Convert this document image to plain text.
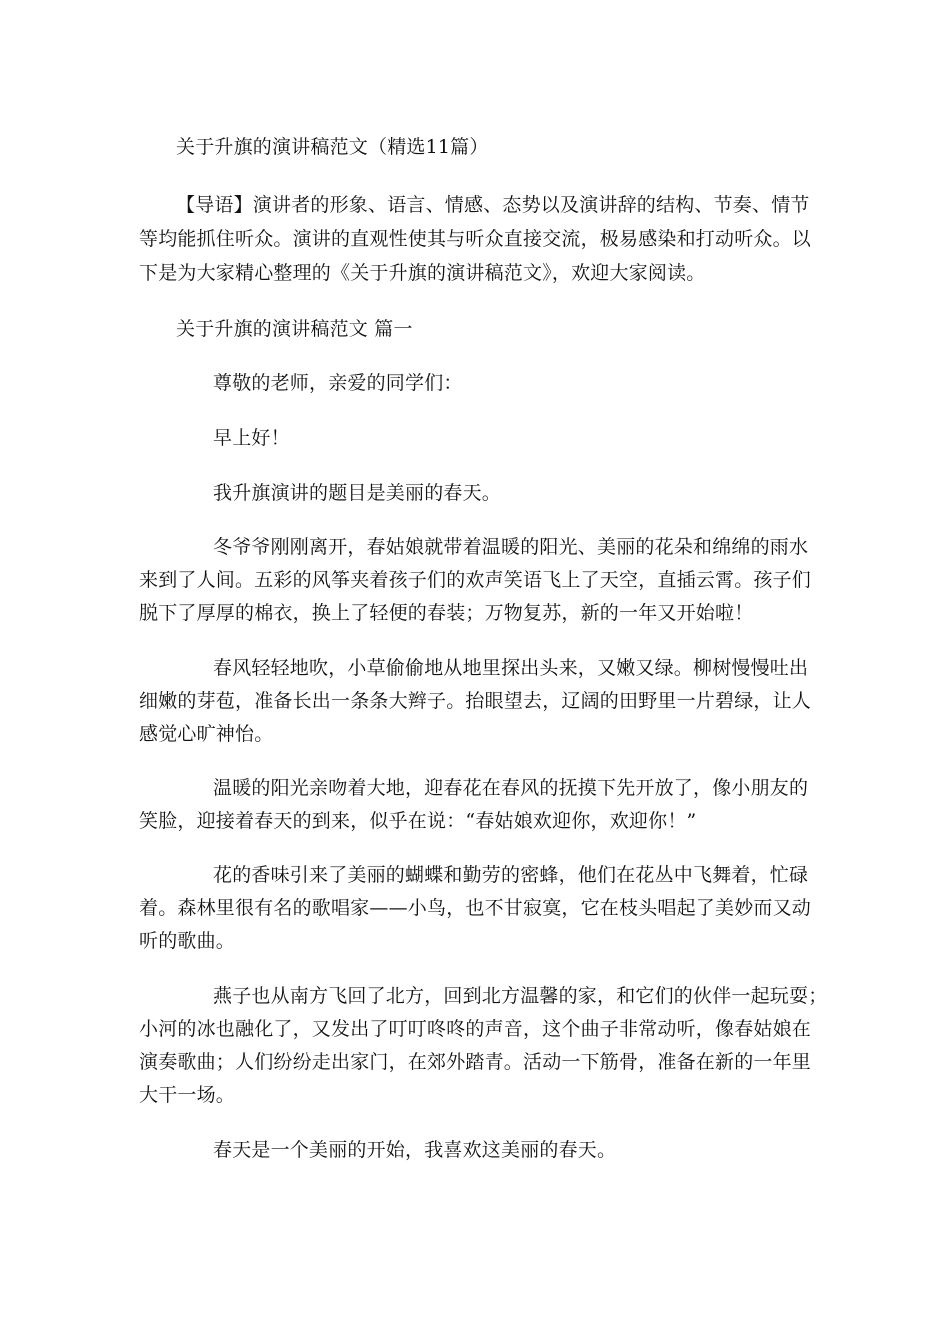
关于升旗的演讲稿范文（精选11篇）
【导语】演讲者的形象、语言、情感、态势以及演讲辞的结构、节奏、情节
等均能抓住听众。演讲的直观性使其与听众直接交流，极易感染和打动听众。以
下是为大家精心整理的《关于升旗的演讲稿范文》，欢迎大家阅读。
关于升旗的演讲稿范文 篇一
尊敬的老师，亲爱的同学们：
早上好！
我升旗演讲的题目是美丽的春天。
冬爷爷刚刚离开，春姑娘就带着温暖的阳光、美丽的花朵和绵绵的雨水
来到了人间。五彩的风筝夹着孩子们的欢声笑语飞上了天空，直插云霄。孩子们
脱下了厚厚的棉衣，换上了轻便的春装；万物复苏，新的一年又开始啦！
春风轻轻地吹，小草偷偷地从地里探出头来，又嫩又绿。柳树慢慢吐出
细嫩的芽苞，准备长出一条条大辫子。抬眼望去，辽阔的田野里一片碧绿，让人
感觉心旷神怡。
温暖的阳光亲吻着大地，迎春花在春风的抚摸下先开放了，像小朋友的
笑脸，迎接着春天的到来，似乎在说：“春姑娘欢迎你，欢迎你！”
花的香味引来了美丽的蝴蝶和勤劳的密蜂，他们在花丛中飞舞着，忙碌
着。森林里很有名的歌唱家——小鸟，也不甘寂寞，它在枝头唱起了美妙而又动
听的歌曲。
燕子也从南方飞回了北方，回到北方温馨的家，和它们的伙伴一起玩耍；
小河的冰也融化了，又发出了叮叮咚咚的声音，这个曲子非常动听，像春姑娘在
演奏歌曲；人们纷纷走出家门，在郊外踏青。活动一下筋骨，准备在新的一年里
大干一场。
春天是一个美丽的开始，我喜欢这美丽的春天。
